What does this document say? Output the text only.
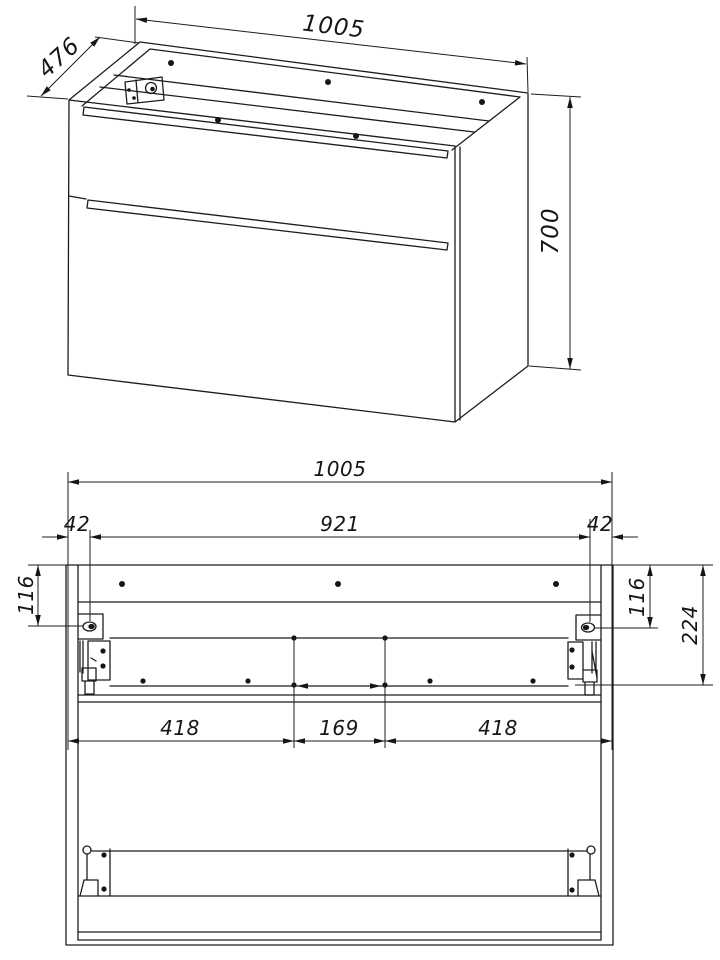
1005
476
700
1005
42	921	42
116	116
224
418	169	418
